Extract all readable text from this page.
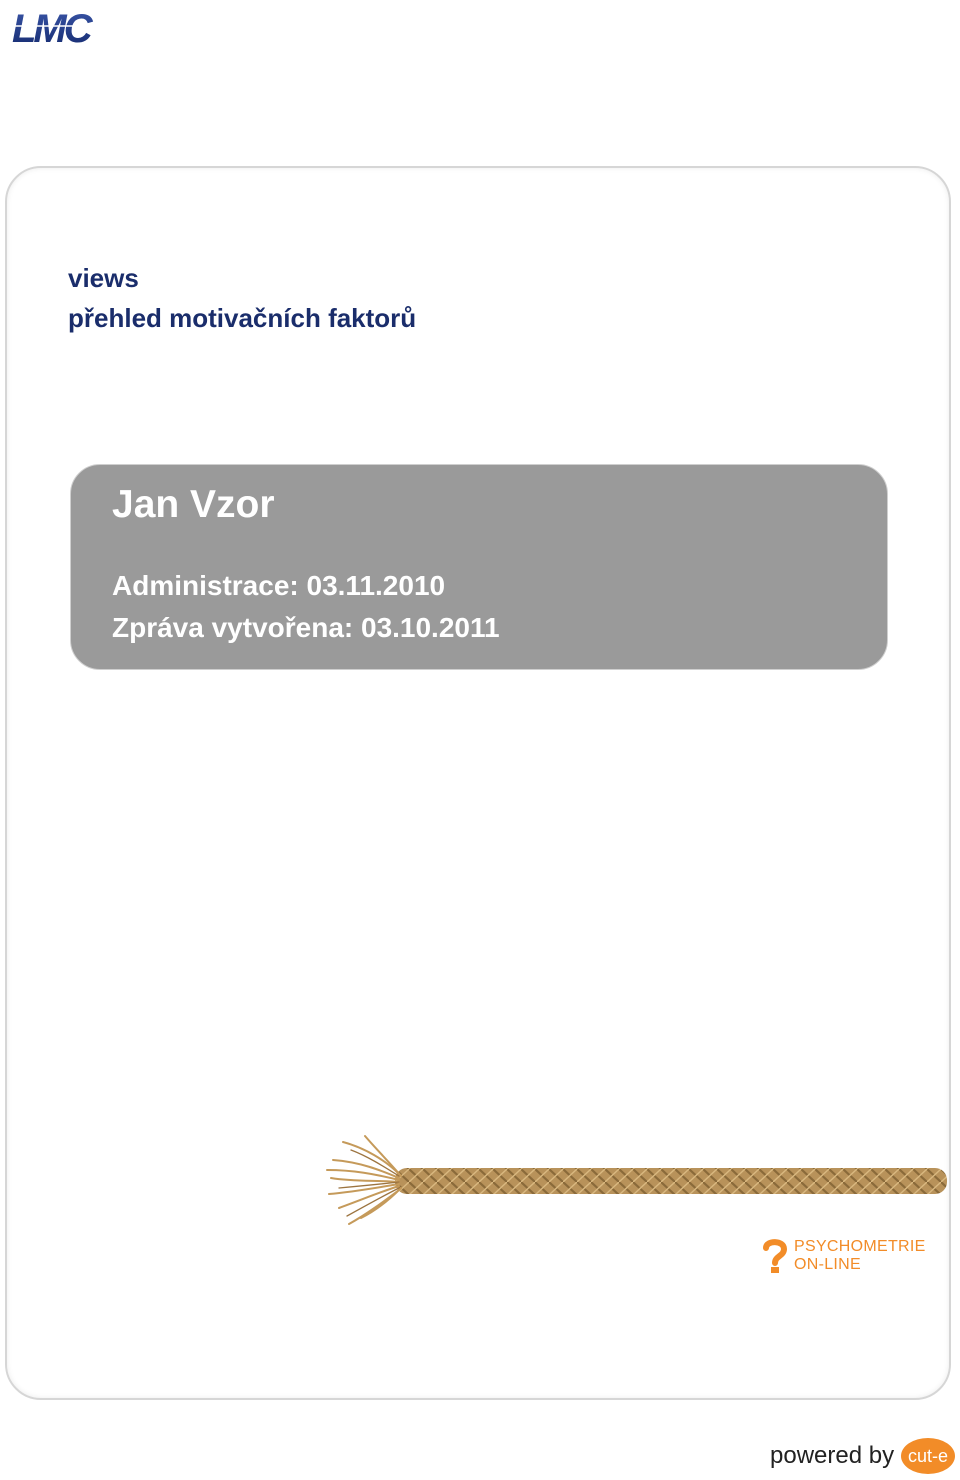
LMC
views
přehled motivačních faktorů
Jan Vzor
Administrace: 03.11.2010
Zpráva vytvořena: 03.10.2011
PSYCHOMETRIE
ON-LINE
powered by cut-e
